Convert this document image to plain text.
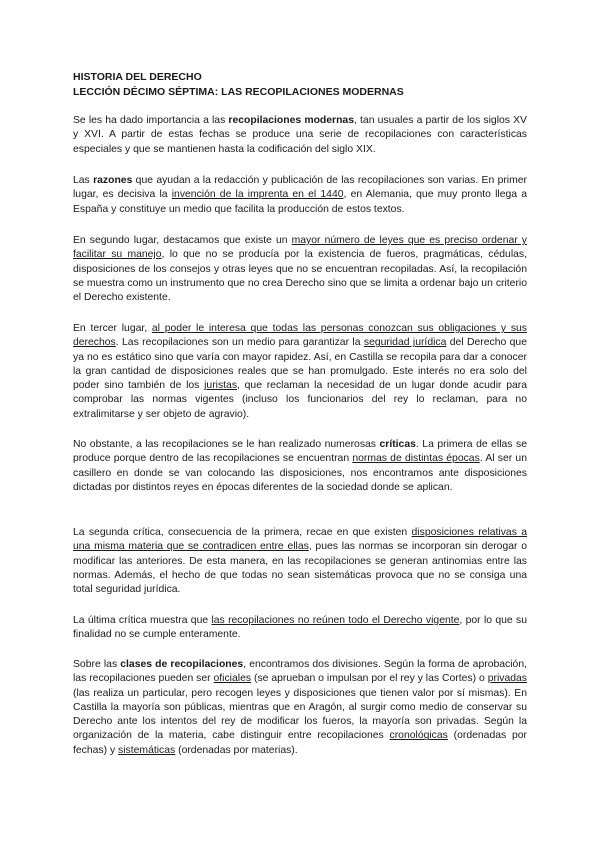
HISTORIA DEL DERECHO

LECCIÓN DÉCIMO SÉPTIMA: LAS RECOPILACIONES MODERNAS

Se les ha dado importancia a las recopilaciones modernas, tan usuales a partir de los siglos XV y XVI. A partir de estas fechas se produce una serie de recopilaciones con características especiales y que se mantienen hasta la codificación del siglo XIX.

Las razones que ayudan a la redacción y publicación de las recopilaciones son varias. En primer lugar, es decisiva la invención de la imprenta en el 1440, en Alemania, que muy pronto llega a España y constituye un medio que facilita la producción de estos textos.

En segundo lugar, destacamos que existe un mayor número de leyes que es preciso ordenar y facilitar su manejo, lo que no se producía por la existencia de fueros, pragmáticas, cédulas, disposiciones de los consejos y otras leyes que no se encuentran recopiladas. Así, la recopilación se muestra como un instrumento que no crea Derecho sino que se limita a ordenar bajo un criterio el Derecho existente.

En tercer lugar, al poder le interesa que todas las personas conozcan sus obligaciones y sus derechos. Las recopilaciones son un medio para garantizar la seguridad jurídica del Derecho que ya no es estático sino que varía con mayor rapidez. Así, en Castilla se recopila para dar a conocer la gran cantidad de disposiciones reales que se han promulgado. Este interés no era solo del poder sino también de los juristas, que reclaman la necesidad de un lugar donde acudir para comprobar las normas vigentes (incluso los funcionarios del rey lo reclaman, para no extralimitarse y ser objeto de agravio).

No obstante, a las recopilaciones se le han realizado numerosas críticas. La primera de ellas se produce porque dentro de las recopilaciones se encuentran normas de distintas épocas. Al ser un casillero en donde se van colocando las disposiciones, nos encontramos ante disposiciones dictadas por distintos reyes en épocas diferentes de la sociedad donde se aplican.

La segunda crítica, consecuencia de la primera, recae en que existen disposiciones relativas a una misma materia que se contradicen entre ellas, pues las normas se incorporan sin derogar o modificar las anteriores. De esta manera, en las recopilaciones se generan antinomias entre las normas. Además, el hecho de que todas no sean sistemáticas provoca que no se consiga una total seguridad jurídica.

La última crítica muestra que las recopilaciones no reúnen todo el Derecho vigente, por lo que su finalidad no se cumple enteramente.

Sobre las clases de recopilaciones, encontramos dos divisiones. Según la forma de aprobación, las recopilaciones pueden ser oficiales (se aprueban o impulsan por el rey y las Cortes) o privadas (las realiza un particular, pero recogen leyes y disposiciones que tienen valor por sí mismas). En Castilla la mayoría son públicas, mientras que en Aragón, al surgir como medio de conservar su Derecho ante los intentos del rey de modificar los fueros, la mayoría son privadas. Según la organización de la materia, cabe distinguir entre recopilaciones cronológicas (ordenadas por fechas) y sistemáticas (ordenadas por materias).
